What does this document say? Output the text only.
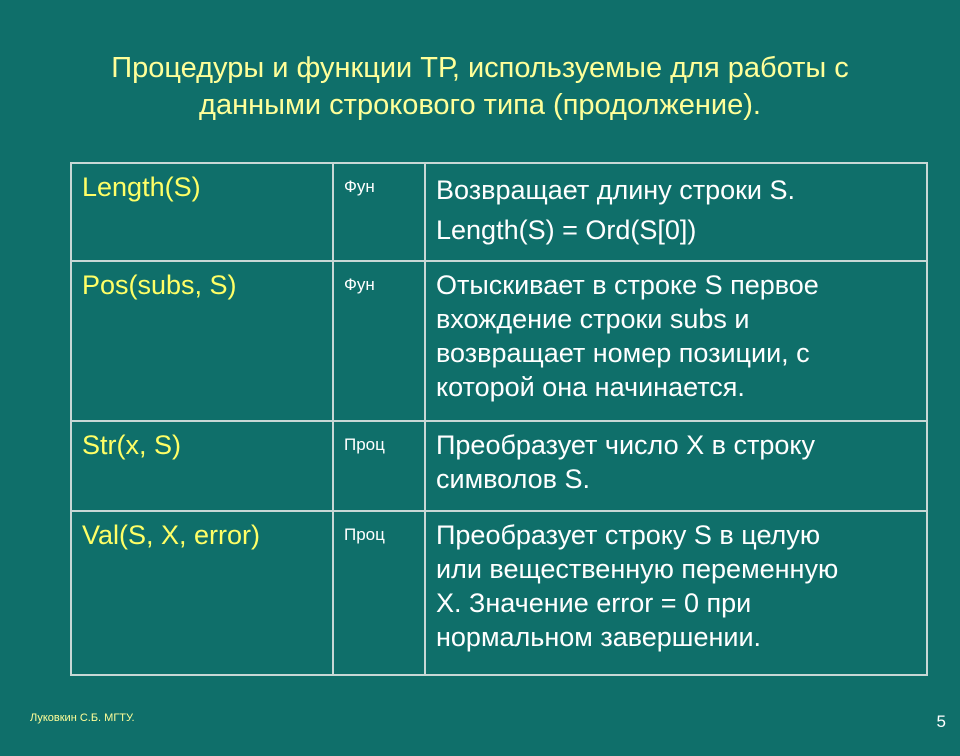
Процедуры и функции ТР, используемые для работы с
данными строкового типа (продолжение).
Length(S)	Фун	Возвращает длину строки S.
Length(S) = Ord(S[0])

Pos(subs, S)	Фун	Отыскивает в строке S первое
вхождение строки subs и
возвращает номер позиции, с
которой она начинается.

Str(x, S)	Проц	Преобразует число X в строку
символов S.

Val(S, X, error)	Проц	Преобразует строку S в целую
или вещественную переменную
X. Значение error = 0 при
нормальном завершении.
Луковкин С.Б. МГТУ.	5
